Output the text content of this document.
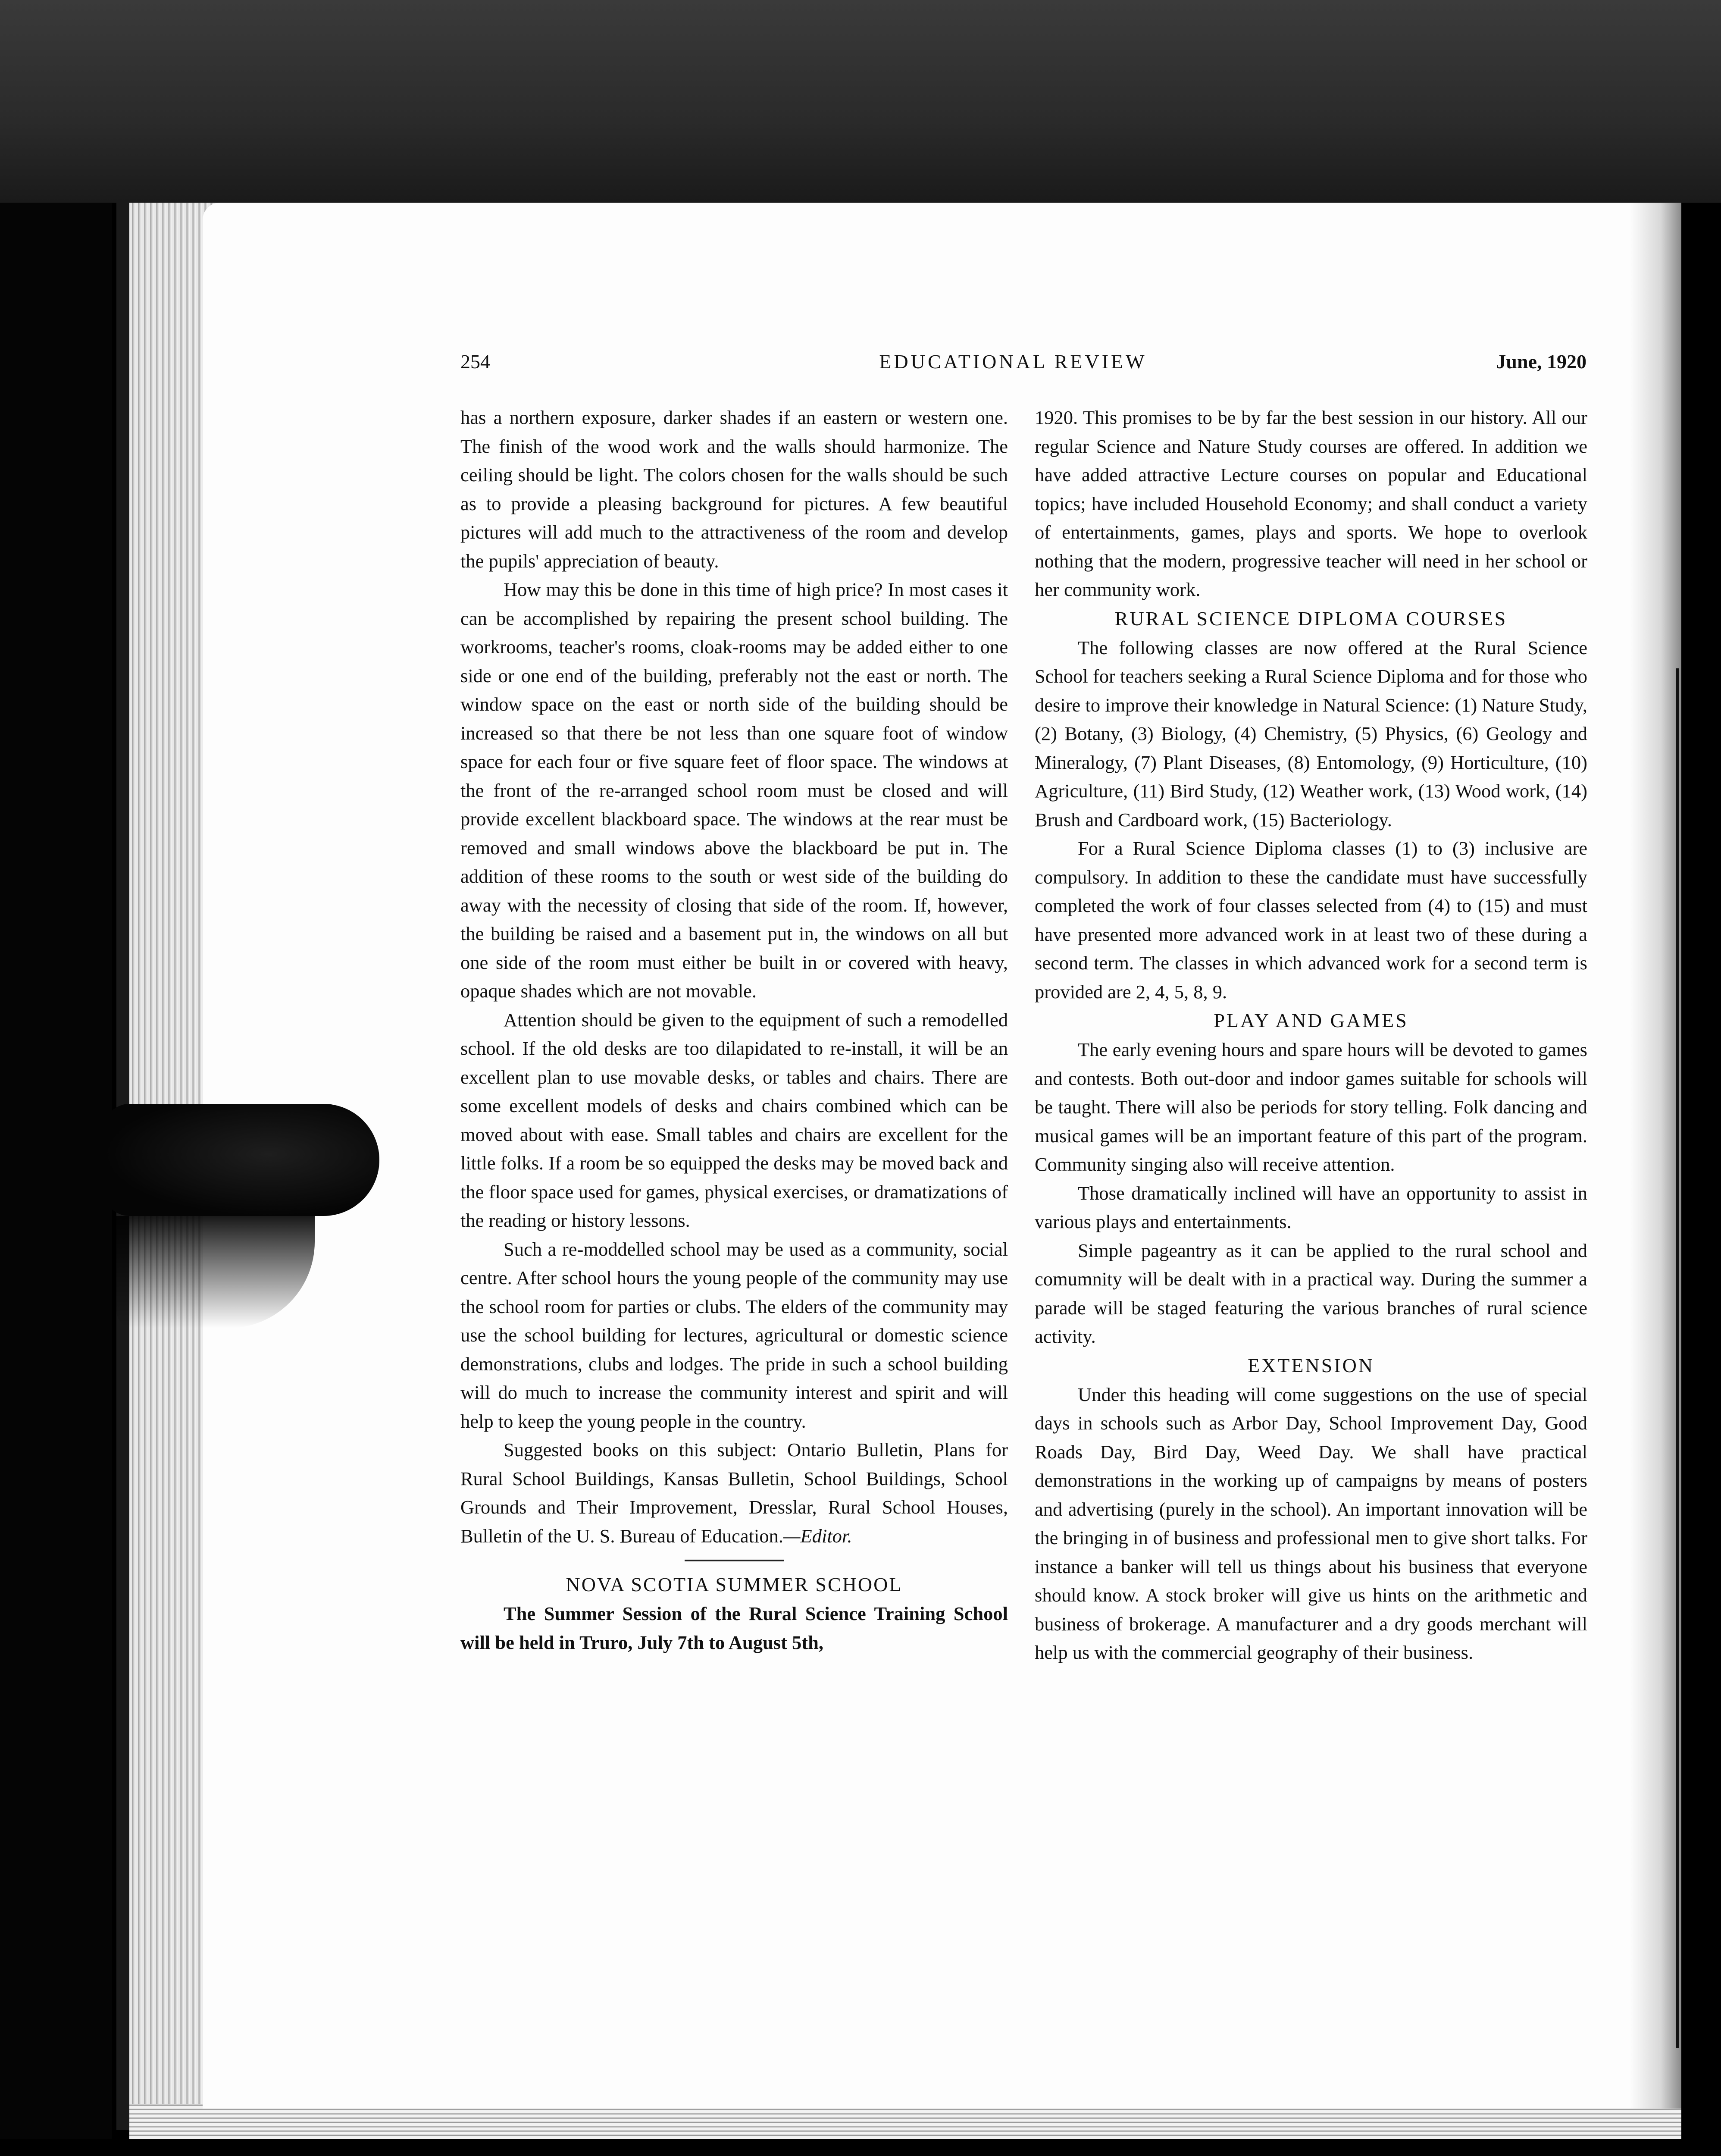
254	EDUCATIONAL REVIEW	June, 1920

has a northern exposure, darker shades if an eastern or western one. The finish of the wood work and the walls should harmonize. The ceiling should be light. The colors chosen for the walls should be such as to provide a pleasing background for pictures. A few beautiful pictures will add much to the attractiveness of the room and develop the pupils' appreciation of beauty.

How may this be done in this time of high price? In most cases it can be accomplished by repairing the present school building. The workrooms, teacher's rooms, cloak-rooms may be added either to one side or one end of the building, preferably not the east or north. The window space on the east or north side of the building should be increased so that there be not less than one square foot of window space for each four or five square feet of floor space. The windows at the front of the re-arranged school room must be closed and will provide excellent blackboard space. The windows at the rear must be removed and small windows above the blackboard be put in. The addition of these rooms to the south or west side of the building do away with the necessity of closing that side of the room. If, however, the building be raised and a basement put in, the windows on all but one side of the room must either be built in or covered with heavy, opaque shades which are not movable.

Attention should be given to the equipment of such a remodelled school. If the old desks are too dilapidated to re-install, it will be an excellent plan to use movable desks, or tables and chairs. There are some excellent models of desks and chairs combined which can be moved about with ease. Small tables and chairs are excellent for the little folks. If a room be so equipped the desks may be moved back and the floor space used for games, physical exercises, or dramatizations of the reading or history lessons.

Such a re-moddelled school may be used as a community, social centre. After school hours the young people of the community may use the school room for parties or clubs. The elders of the community may use the school building for lectures, agricultural or domestic science demonstrations, clubs and lodges. The pride in such a school building will do much to increase the community interest and spirit and will help to keep the young people in the country.

Suggested books on this subject: Ontario Bulletin, Plans for Rural School Buildings, Kansas Bulletin, School Buildings, School Grounds and Their Improvement, Dresslar, Rural School Houses, Bulletin of the U. S. Bureau of Education.—Editor.

NOVA SCOTIA SUMMER SCHOOL

The Summer Session of the Rural Science Training School will be held in Truro, July 7th to August 5th,

1920. This promises to be by far the best session in our history. All our regular Science and Nature Study courses are offered. In addition we have added attractive Lecture courses on popular and Educational topics; have included Household Economy; and shall conduct a variety of entertainments, games, plays and sports. We hope to overlook nothing that the modern, progressive teacher will need in her school or her community work.

RURAL SCIENCE DIPLOMA COURSES

The following classes are now offered at the Rural Science School for teachers seeking a Rural Science Diploma and for those who desire to improve their knowledge in Natural Science: (1) Nature Study, (2) Botany, (3) Biology, (4) Chemistry, (5) Physics, (6) Geology and Mineralogy, (7) Plant Diseases, (8) Entomology, (9) Horticulture, (10) Agriculture, (11) Bird Study, (12) Weather work, (13) Wood work, (14) Brush and Cardboard work, (15) Bacteriology.

For a Rural Science Diploma classes (1) to (3) inclusive are compulsory. In addition to these the candidate must have successfully completed the work of four classes selected from (4) to (15) and must have presented more advanced work in at least two of these during a second term. The classes in which advanced work for a second term is provided are 2, 4, 5, 8, 9.

PLAY AND GAMES

The early evening hours and spare hours will be devoted to games and contests. Both out-door and indoor games suitable for schools will be taught. There will also be periods for story telling. Folk dancing and musical games will be an important feature of this part of the program. Community singing also will receive attention.

Those dramatically inclined will have an opportunity to assist in various plays and entertainments.

Simple pageantry as it can be applied to the rural school and comumnity will be dealt with in a practical way. During the summer a parade will be staged featuring the various branches of rural science activity.

EXTENSION

Under this heading will come suggestions on the use of special days in schools such as Arbor Day, School Improvement Day, Good Roads Day, Bird Day, Weed Day. We shall have practical demonstrations in the working up of campaigns by means of posters and advertising (purely in the school). An important innovation will be the bringing in of business and professional men to give short talks. For instance a banker will tell us things about his business that everyone should know. A stock broker will give us hints on the arithmetic and business of brokerage. A manufacturer and a dry goods merchant will help us with the commercial geography of their business.
